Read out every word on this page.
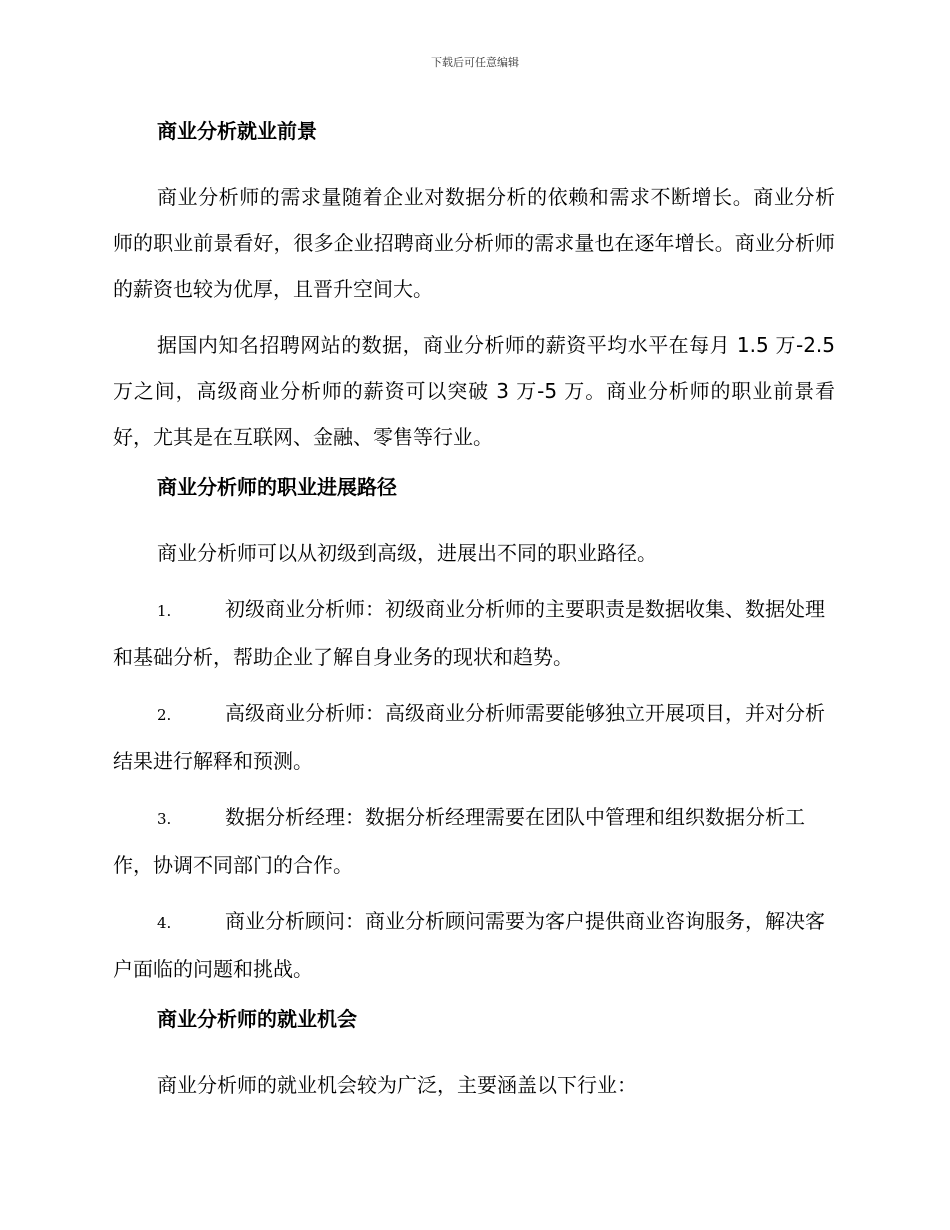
下载后可任意编辑
商业分析就业前景

商业分析师的需求量随着企业对数据分析的依赖和需求不断增长。商业分析师的职业前景看好，很多企业招聘商业分析师的需求量也在逐年增长。商业分析师的薪资也较为优厚，且晋升空间大。

据国内知名招聘网站的数据，商业分析师的薪资平均水平在每月 1.5 万-2.5 万之间，高级商业分析师的薪资可以突破 3 万-5 万。商业分析师的职业前景看好，尤其是在互联网、金融、零售等行业。

商业分析师的职业进展路径

商业分析师可以从初级到高级，进展出不同的职业路径。

1.	初级商业分析师：初级商业分析师的主要职责是数据收集、数据处理和基础分析，帮助企业了解自身业务的现状和趋势。

2.	高级商业分析师：高级商业分析师需要能够独立开展项目，并对分析结果进行解释和预测。

3.	数据分析经理：数据分析经理需要在团队中管理和组织数据分析工作，协调不同部门的合作。

4.	商业分析顾问：商业分析顾问需要为客户提供商业咨询服务，解决客户面临的问题和挑战。

商业分析师的就业机会

商业分析师的就业机会较为广泛，主要涵盖以下行业：
